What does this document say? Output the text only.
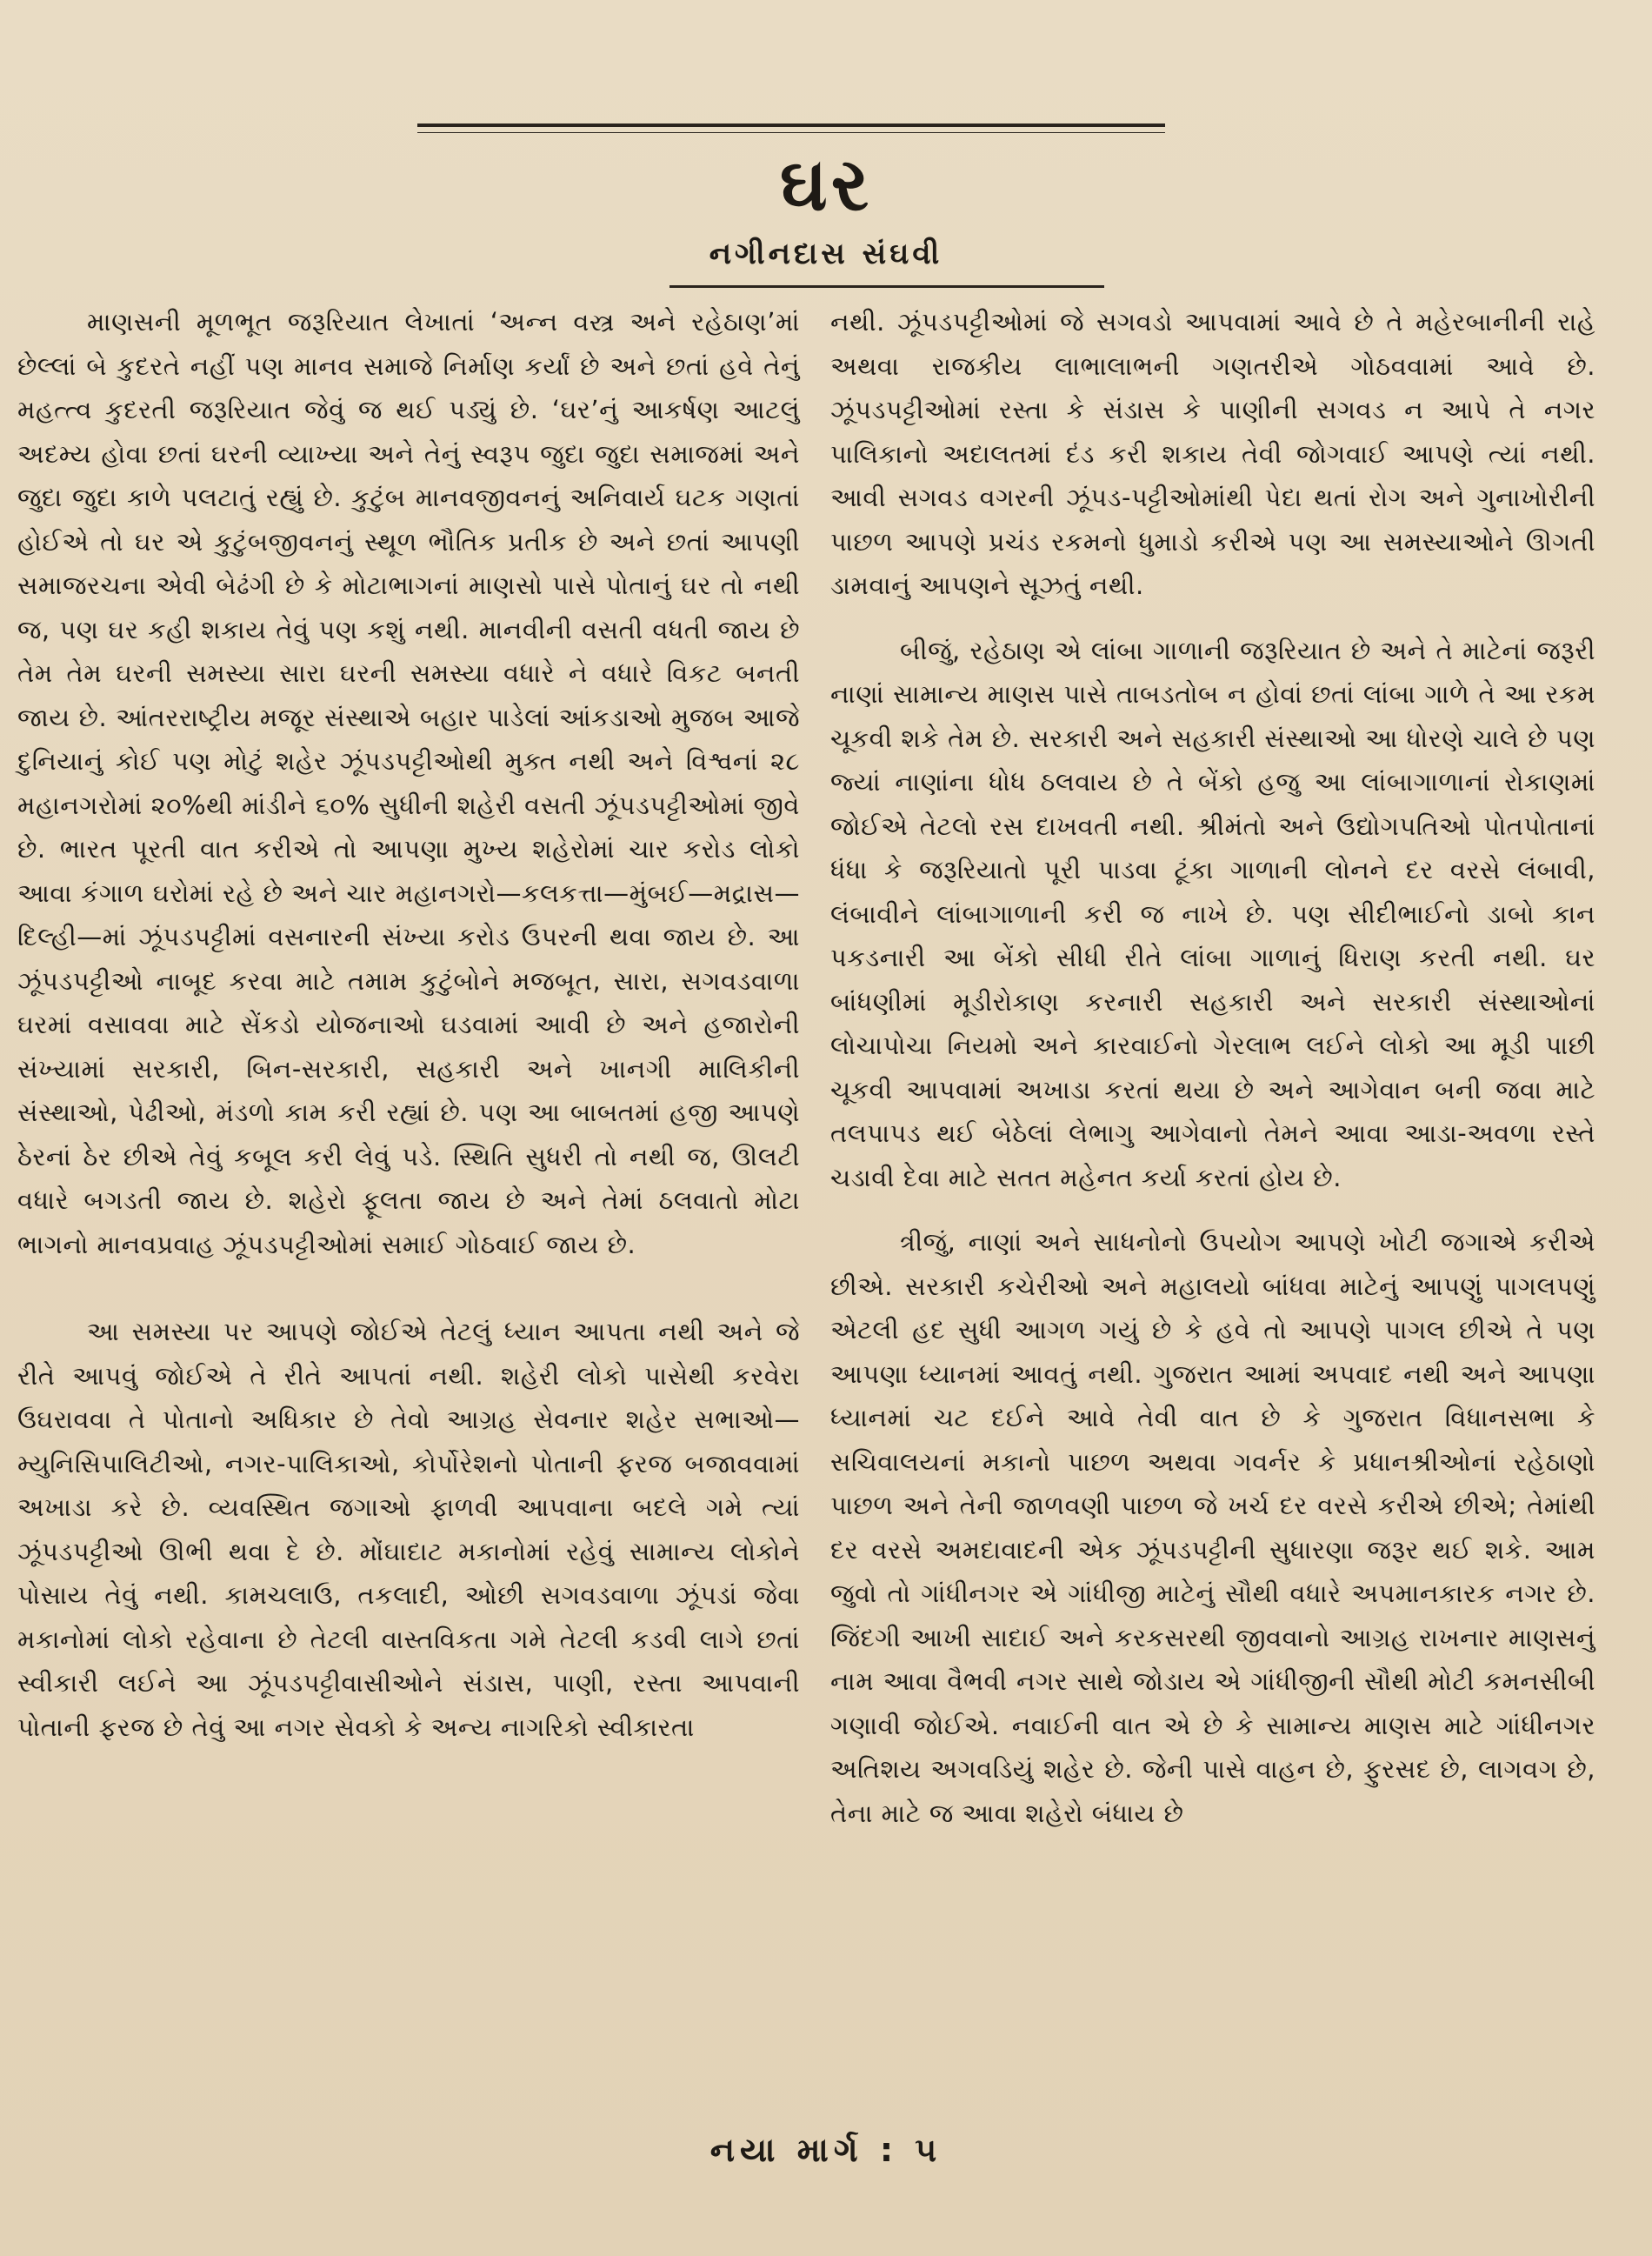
ઘર
નગીનદાસ સંઘવી

માણસની મૂળભૂત જરૂરિયાત લેખાતાં ‘અન્ન વસ્ત્ર અને રહેઠાણ’માં છેલ્લાં બે કુદરતે નહીં પણ માનવ સમાજે નિર્માણ કર્યાં છે અને છતાં હવે તેનું મહત્ત્વ કુદરતી જરૂરિયાત જેવું જ થઈ પડ્યું છે. ‘ઘર’નું આકર્ષણ આટલું અદમ્ય હોવા છતાં ઘરની વ્યાખ્યા અને તેનું સ્વરૂપ જુદા જુદા સમાજમાં અને જુદા જુદા કાળે પલટાતું રહ્યું છે. કુટુંબ માનવજીવનનું અનિવાર્ય ઘટક ગણતાં હોઈએ તો ઘર એ કુટુંબજીવનનું સ્થૂળ ભૌતિક પ્રતીક છે અને છતાં આપણી સમાજરચના એવી બેઢંગી છે કે મોટાભાગનાં માણસો પાસે પોતાનું ઘર તો નથી જ, પણ ઘર કહી શકાય તેવું પણ કશું નથી. માનવીની વસતી વધતી જાય છે તેમ તેમ ઘરની સમસ્યા સારા ઘરની સમસ્યા વધારે ને વધારે વિકટ બનતી જાય છે. આંતરરાષ્ટ્રીય મજૂર સંસ્થાએ બહાર પાડેલાં આંકડાઓ મુજબ આજે દુનિયાનું કોઈ પણ મોટું શહેર ઝૂંપડપટ્ટીઓથી મુક્ત નથી અને વિશ્વનાં ૨૮ મહાનગરોમાં ૨૦%થી માંડીને ૬૦% સુધીની શહેરી વસતી ઝૂંપડપટ્ટીઓમાં જીવે છે. ભારત પૂરતી વાત કરીએ તો આપણા મુખ્ય શહેરોમાં ચાર કરોડ લોકો આવા કંગાળ ઘરોમાં રહે છે અને ચાર મહાનગરો—કલકત્તા—મુંબઈ—મદ્રાસ—દિલ્હી—માં ઝૂંપડપટ્ટીમાં વસનારની સંખ્યા કરોડ ઉપરની થવા જાય છે. આ ઝૂંપડપટ્ટીઓ નાબૂદ કરવા માટે તમામ કુટુંબોને મજબૂત, સારા, સગવડવાળા ઘરમાં વસાવવા માટે સેંકડો યોજનાઓ ઘડવામાં આવી છે અને હજારોની સંખ્યામાં સરકારી, બિન-સરકારી, સહકારી અને ખાનગી માલિકીની સંસ્થાઓ, પેઢીઓ, મંડળો કામ કરી રહ્યાં છે. પણ આ બાબતમાં હજી આપણે ઠેરનાં ઠેર છીએ તેવું કબૂલ કરી લેવું પડે. સ્થિતિ સુધરી તો નથી જ, ઊલટી વધારે બગડતી જાય છે. શહેરો ફૂલતા જાય છે અને તેમાં ઠલવાતો મોટા ભાગનો માનવપ્રવાહ ઝૂંપડપટ્ટીઓમાં સમાઈ ગોઠવાઈ જાય છે.

આ સમસ્યા પર આપણે જોઈએ તેટલું ધ્યાન આપતા નથી અને જે રીતે આપવું જોઈએ તે રીતે આપતાં નથી. શહેરી લોકો પાસેથી કરવેરા ઉઘરાવવા તે પોતાનો અધિકાર છે તેવો આગ્રહ સેવનાર શહેર સભાઓ—મ્યુનિસિપાલિટીઓ, નગર-પાલિકાઓ, કોર્પોરેશનો પોતાની ફરજ બજાવવામાં અખાડા કરે છે. વ્યવસ્થિત જગાઓ ફાળવી આપવાના બદલે ગમે ત્યાં ઝૂંપડપટ્ટીઓ ઊભી થવા દે છે. મોંઘાદાટ મકાનોમાં રહેવું સામાન્ય લોકોને પોસાય તેવું નથી. કામચલાઉ, તકલાદી, ઓછી સગવડવાળા ઝૂંપડાં જેવા મકાનોમાં લોકો રહેવાના છે તેટલી વાસ્તવિકતા ગમે તેટલી કડવી લાગે છતાં સ્વીકારી લઈને આ ઝૂંપડપટ્ટીવાસીઓને સંડાસ, પાણી, રસ્તા આપવાની પોતાની ફરજ છે તેવું આ નગર સેવકો કે અન્ય નાગરિકો સ્વીકારતા

નથી. ઝૂંપડપટ્ટીઓમાં જે સગવડો આપવામાં આવે છે તે મહેરબાનીની રાહે અથવા રાજકીય લાભાલાભની ગણતરીએ ગોઠવવામાં આવે છે. ઝૂંપડપટ્ટીઓમાં રસ્તા કે સંડાસ કે પાણીની સગવડ ન આપે તે નગર પાલિકાનો અદાલતમાં દંડ કરી શકાય તેવી જોગવાઈ આપણે ત્યાં નથી. આવી સગવડ વગરની ઝૂંપડ-પટ્ટીઓમાંથી પેદા થતાં રોગ અને ગુનાખોરીની પાછળ આપણે પ્રચંડ રકમનો ધુમાડો કરીએ પણ આ સમસ્યાઓને ઊગતી ડામવાનું આપણને સૂઝતું નથી.

બીજું, રહેઠાણ એ લાંબા ગાળાની જરૂરિયાત છે અને તે માટેનાં જરૂરી નાણાં સામાન્ય માણસ પાસે તાબડતોબ ન હોવાં છતાં લાંબા ગાળે તે આ રકમ ચૂકવી શકે તેમ છે. સરકારી અને સહકારી સંસ્થાઓ આ ધોરણે ચાલે છે પણ જ્યાં નાણાંના ધોધ ઠલવાય છે તે બેંકો હજુ આ લાંબાગાળાનાં રોકાણમાં જોઈએ તેટલો રસ દાખવતી નથી. શ્રીમંતો અને ઉદ્યોગપતિઓ પોતપોતાનાં ધંધા કે જરૂરિયાતો પૂરી પાડવા ટૂંકા ગાળાની લોનને દર વરસે લંબાવી, લંબાવીને લાંબાગાળાની કરી જ નાખે છે. પણ સીદીભાઈનો ડાબો કાન પકડનારી આ બેંકો સીધી રીતે લાંબા ગાળાનું ધિરાણ કરતી નથી. ઘર બાંધણીમાં મૂડીરોકાણ કરનારી સહકારી અને સરકારી સંસ્થાઓનાં લોચાપોચા નિયમો અને કારવાઈનો ગેરલાભ લઈને લોકો આ મૂડી પાછી ચૂકવી આપવામાં અખાડા કરતાં થયા છે અને આગેવાન બની જવા માટે તલપાપડ થઈ બેઠેલાં લેભાગુ આગેવાનો તેમને આવા આડા-અવળા રસ્તે ચડાવી દેવા માટે સતત મહેનત કર્યા કરતાં હોય છે.

ત્રીજું, નાણાં અને સાધનોનો ઉપયોગ આપણે ખોટી જગાએ કરીએ છીએ. સરકારી કચેરીઓ અને મહાલયો બાંધવા માટેનું આપણું પાગલપણું એટલી હદ સુધી આગળ ગયું છે કે હવે તો આપણે પાગલ છીએ તે પણ આપણા ધ્યાનમાં આવતું નથી. ગુજરાત આમાં અપવાદ નથી અને આપણા ધ્યાનમાં ચટ દઈને આવે તેવી વાત છે કે ગુજરાત વિધાનસભા કે સચિવાલયનાં મકાનો પાછળ અથવા ગવર્નર કે પ્રધાનશ્રીઓનાં રહેઠાણો પાછળ અને તેની જાળવણી પાછળ જે ખર્ચ દર વરસે કરીએ છીએ; તેમાંથી દર વરસે અમદાવાદની એક ઝૂંપડપટ્ટીની સુધારણા જરૂર થઈ શકે. આમ જુવો તો ગાંધીનગર એ ગાંધીજી માટેનું સૌથી વધારે અપમાનકારક નગર છે. જિંદગી આખી સાદાઈ અને કરકસરથી જીવવાનો આગ્રહ રાખનાર માણસનું નામ આવા વૈભવી નગર સાથે જોડાય એ ગાંધીજીની સૌથી મોટી કમનસીબી ગણાવી જોઈએ. નવાઈની વાત એ છે કે સામાન્ય માણસ માટે ગાંધીનગર અતિશય અગવડિયું શહેર છે. જેની પાસે વાહન છે, ફુરસદ છે, લાગવગ છે, તેના માટે જ આવા શહેરો બંધાય છે

નયા માર્ગ : ૫
